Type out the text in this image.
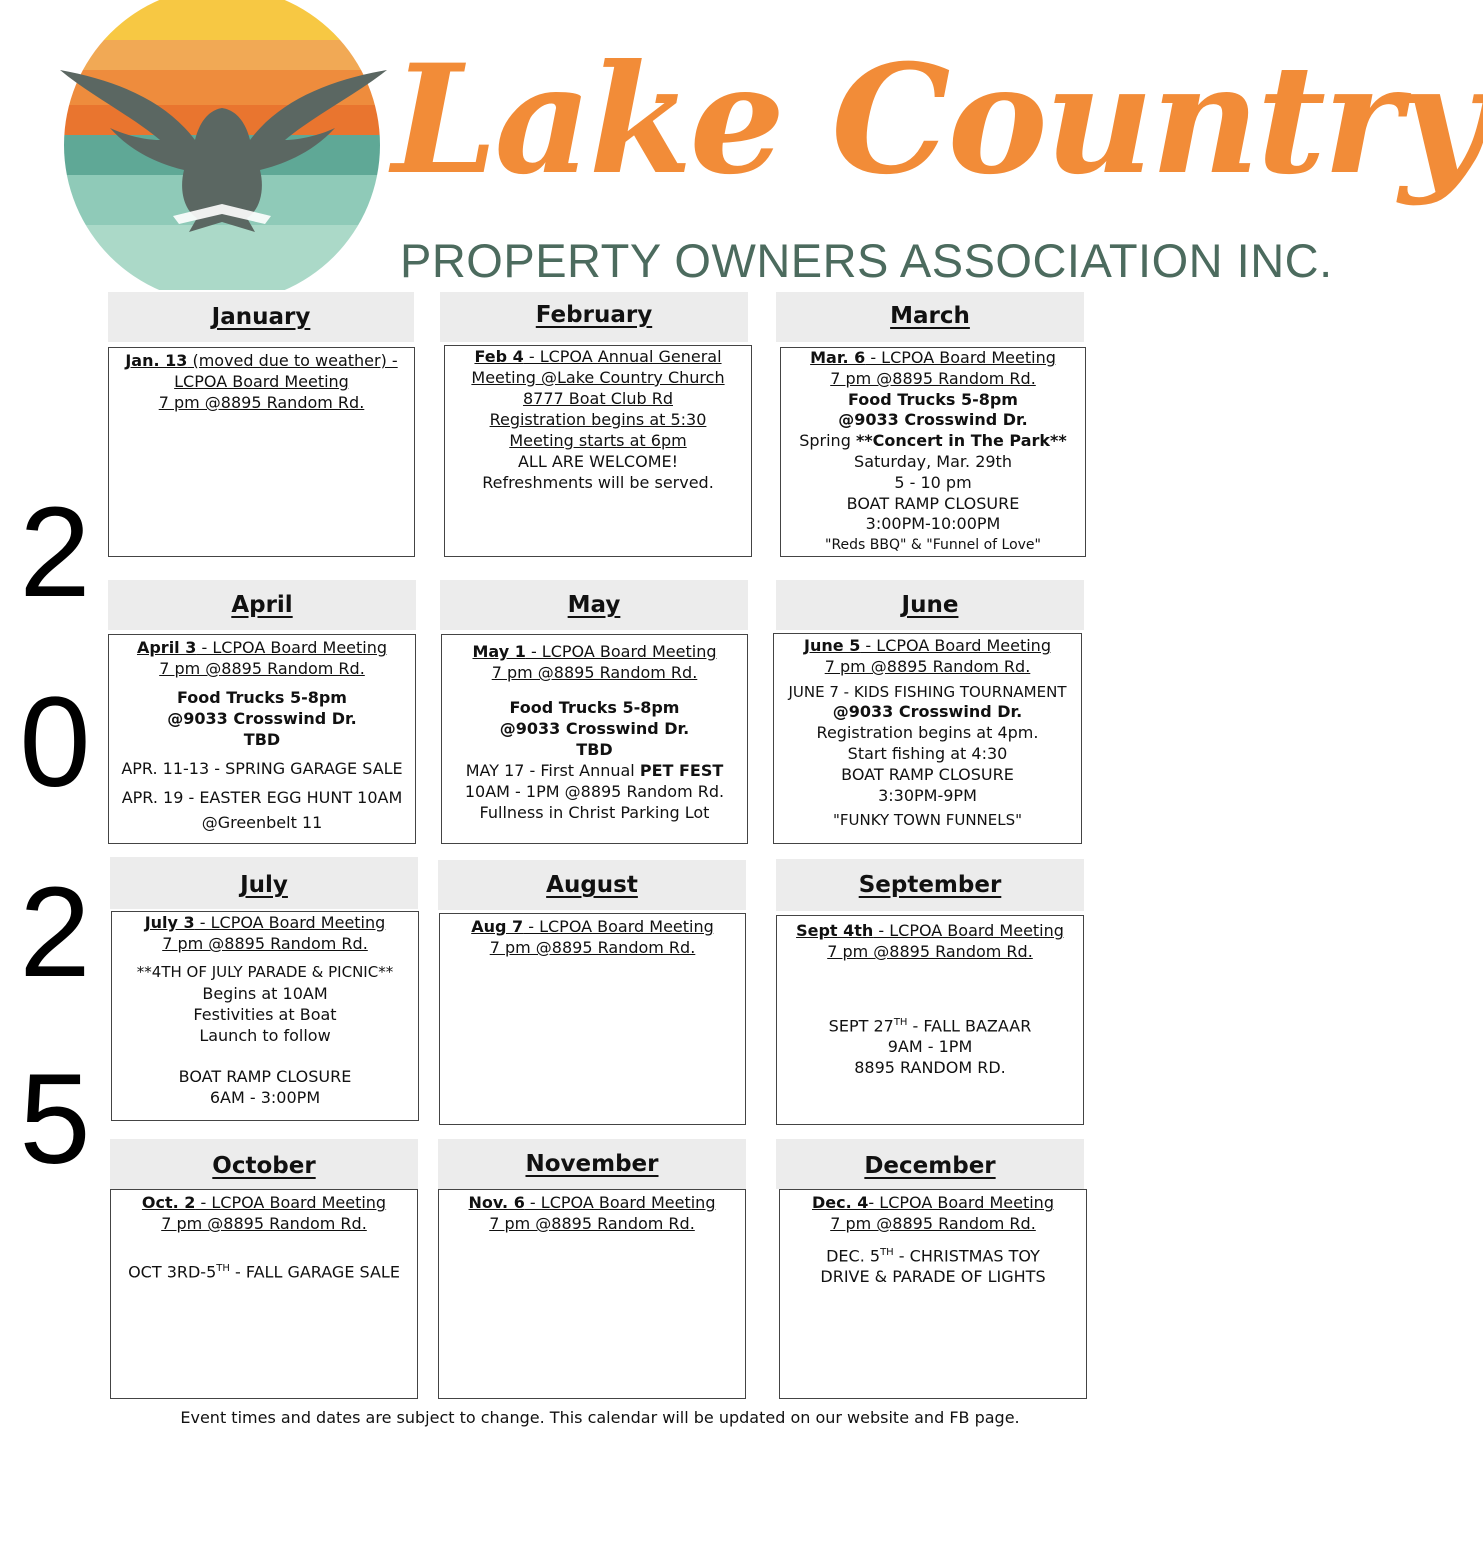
Lake Country
PROPERTY OWNERS ASSOCIATION INC.
2
0
2
5
January
Jan. 13 (moved due to weather) -
LCPOA Board Meeting
7 pm @8895 Random Rd.
February
Feb 4 - LCPOA Annual General
Meeting @Lake Country Church
8777 Boat Club Rd
Registration begins at 5:30
Meeting starts at 6pm
ALL ARE WELCOME!
Refreshments will be served.
March
Mar. 6 - LCPOA Board Meeting
7 pm @8895 Random Rd.
Food Trucks 5-8pm
@9033 Crosswind Dr.
Spring **Concert in The Park**
Saturday, Mar. 29th
5 - 10 pm
BOAT RAMP CLOSURE
3:00PM-10:00PM
"Reds BBQ" & "Funnel of Love"
April
April 3 - LCPOA Board Meeting
7 pm @8895 Random Rd.
Food Trucks 5-8pm
@9033 Crosswind Dr.
TBD
APR. 11-13 - SPRING GARAGE SALE
APR. 19 - EASTER EGG HUNT 10AM
@Greenbelt 11
May
May 1 - LCPOA Board Meeting
7 pm @8895 Random Rd.
Food Trucks 5-8pm
@9033 Crosswind Dr.
TBD
MAY 17 - First Annual PET FEST
10AM - 1PM @8895 Random Rd.
Fullness in Christ Parking Lot
June
June 5 - LCPOA Board Meeting
7 pm @8895 Random Rd.
JUNE 7 - KIDS FISHING TOURNAMENT
@9033 Crosswind Dr.
Registration begins at 4pm.
Start fishing at 4:30
BOAT RAMP CLOSURE
3:30PM-9PM
"FUNKY TOWN FUNNELS"
July
July 3 - LCPOA Board Meeting
7 pm @8895 Random Rd.
**4TH OF JULY PARADE & PICNIC**
Begins at 10AM
Festivities at Boat
Launch to follow
BOAT RAMP CLOSURE
6AM - 3:00PM
August
Aug 7 - LCPOA Board Meeting
7 pm @8895 Random Rd.
September
Sept 4th - LCPOA Board Meeting
7 pm @8895 Random Rd.
SEPT 27TH - FALL BAZAAR
9AM - 1PM
8895 RANDOM RD.
October
Oct. 2 - LCPOA Board Meeting
7 pm @8895 Random Rd.
OCT 3RD-5TH - FALL GARAGE SALE
November
Nov. 6 - LCPOA Board Meeting
7 pm @8895 Random Rd.
December
Dec. 4- LCPOA Board Meeting
7 pm @8895 Random Rd.
DEC. 5TH - CHRISTMAS TOY
DRIVE & PARADE OF LIGHTS
Event times and dates are subject to change. This calendar will be updated on our website and FB page.
